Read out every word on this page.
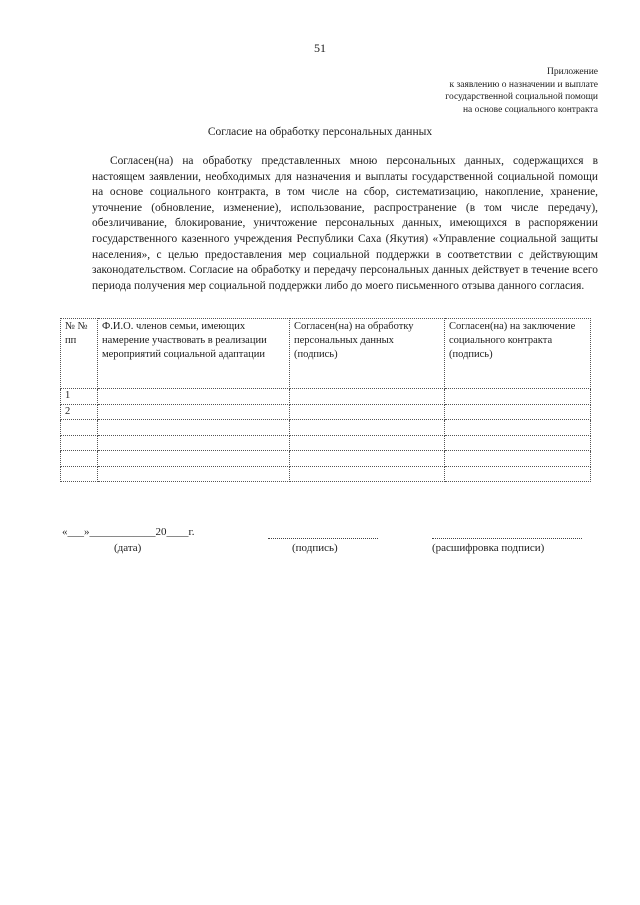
51
Приложение
к заявлению о назначении и выплате
государственной социальной помощи
на основе социального контракта
Согласие на обработку персональных данных

Согласен(на) на обработку представленных мною персональных данных, содержащихся в настоящем заявлении, необходимых для назначения и выплаты государственной социальной помощи на основе социального контракта, в том числе на сбор, систематизацию, накопление, хранение, уточнение (обновление, изменение), использование, распространение (в том числе передачу), обезличивание, блокирование, уничтожение персональных данных, имеющихся в распоряжении государственного казенного учреждения Республики Саха (Якутия) «Управление социальной защиты населения», с целью предоставления мер социальной поддержки в соответствии с действующим законодательством. Согласие на обработку и передачу персональных данных действует в течение всего периода получения мер социальной поддержки либо до моего письменного отзыва данного согласия.

№ № пп	Ф.И.О. членов семьи, имеющих намерение участвовать в реализации мероприятий социальной адаптации	Согласен(на) на обработку персональных данных (подпись)	Согласен(на) на заключение социального контракта (подпись)
1			
2			

«___»____________20____г.
(дата)	(подпись)	(расшифровка подписи)
